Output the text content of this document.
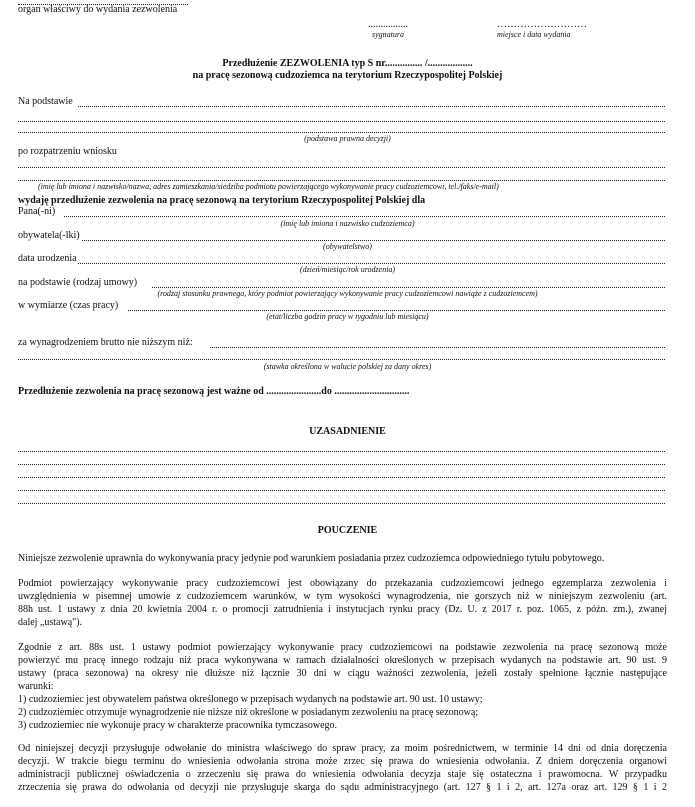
organ właściwy do wydania zezwolenia
................
sygnatura
………………………
miejsce i data wydania
Przedłużenie ZEZWOLENIA typ S nr............... /..................
na pracę sezonową cudzoziemca na terytorium Rzeczypospolitej Polskiej
Na podstawie
(podstawa prawna decyzji)
po rozpatrzeniu wniosku
(imię lub imiona i nazwisko/nazwa, adres zamieszkania/siedziba podmiotu powierzającego wykonywanie pracy cudzoziemcowi, tel./faks/e-mail)
wydaję przedłużenie zezwolenia na pracę sezonową na terytorium Rzeczypospolitej Polskiej dla
Pana(-ni)
(imię lub imiona i nazwisko cudzoziemca)
obywatela(-lki)
(obywatelstwo)
data urodzenia
(dzień/miesiąc/rok urodzenia)
na podstawie (rodzaj umowy)
(rodzaj stosunku prawnego, który podmiot powierzający wykonywanie pracy cudzoziemcowi nawiąże z cudzoziemcem)
w wymiarze (czas pracy)
(etat/liczba godzin pracy w tygodniu lub miesiącu)
za wynagrodzeniem brutto nie niższym niż:
(stawka określona w walucie polskiej za dany okres)
Przedłużenie zezwolenia na pracę sezonową jest ważne od ......................do ..............................
UZASADNIENIE
POUCZENIE
Niniejsze zezwolenie uprawnia do wykonywania pracy jedynie pod warunkiem posiadania przez cudzoziemca odpowiedniego tytułu pobytowego.
Podmiot powierzający wykonywanie pracy cudzoziemcowi jest obowiązany do przekazania cudzoziemcowi jednego egzemplarza zezwolenia i
uwzględnienia w pisemnej umowie z cudzoziemcem warunków, w tym wysokości wynagrodzenia, nie gorszych niż w niniejszym zezwoleniu (art.
88h ust. 1 ustawy z dnia 20 kwietnia 2004 r. o promocji zatrudnienia i instytucjach rynku pracy (Dz. U. z 2017 r. poz. 1065, z późn. zm.), zwanej
dalej „ustawą").
Zgodnie z art. 88s ust. 1 ustawy podmiot powierzający wykonywanie pracy cudzoziemcowi na podstawie zezwolenia na pracę sezonową może
powierzyć mu pracę innego rodzaju niż praca wykonywana w ramach działalności określonych w przepisach wydanych na podstawie art. 90 ust. 9
ustawy (praca sezonowa) na okresy nie dłuższe niż łącznie 30 dni w ciągu ważności zezwolenia, jeżeli zostały spełnione łącznie następujące
warunki:
1) cudzoziemiec jest obywatelem państwa określonego w przepisach wydanych na podstawie art. 90 ust. 10 ustawy;
2) cudzoziemiec otrzymuje wynagrodzenie nie niższe niż określone w posiadanym zezwoleniu na pracę sezonową;
3) cudzoziemiec nie wykonuje pracy w charakterze pracownika tymczasowego.
Od niniejszej decyzji przysługuje odwołanie do ministra właściwego do spraw pracy, za moim pośrednictwem, w terminie 14 dni od dnia doręczenia
decyzji. W trakcie biegu terminu do wniesienia odwołania strona może zrzec się prawa do wniesienia odwołania. Z dniem doręczenia organowi
administracji publicznej oświadczenia o zrzeczeniu się prawa do wniesienia odwołania decyzja staje się ostateczna i prawomocna. W przypadku
zrzeczenia się prawa do odwołania od decyzji nie przysługuje skarga do sądu administracyjnego (art. 127 § 1 i 2, art. 127a oraz art. 129 § 1 i 2
